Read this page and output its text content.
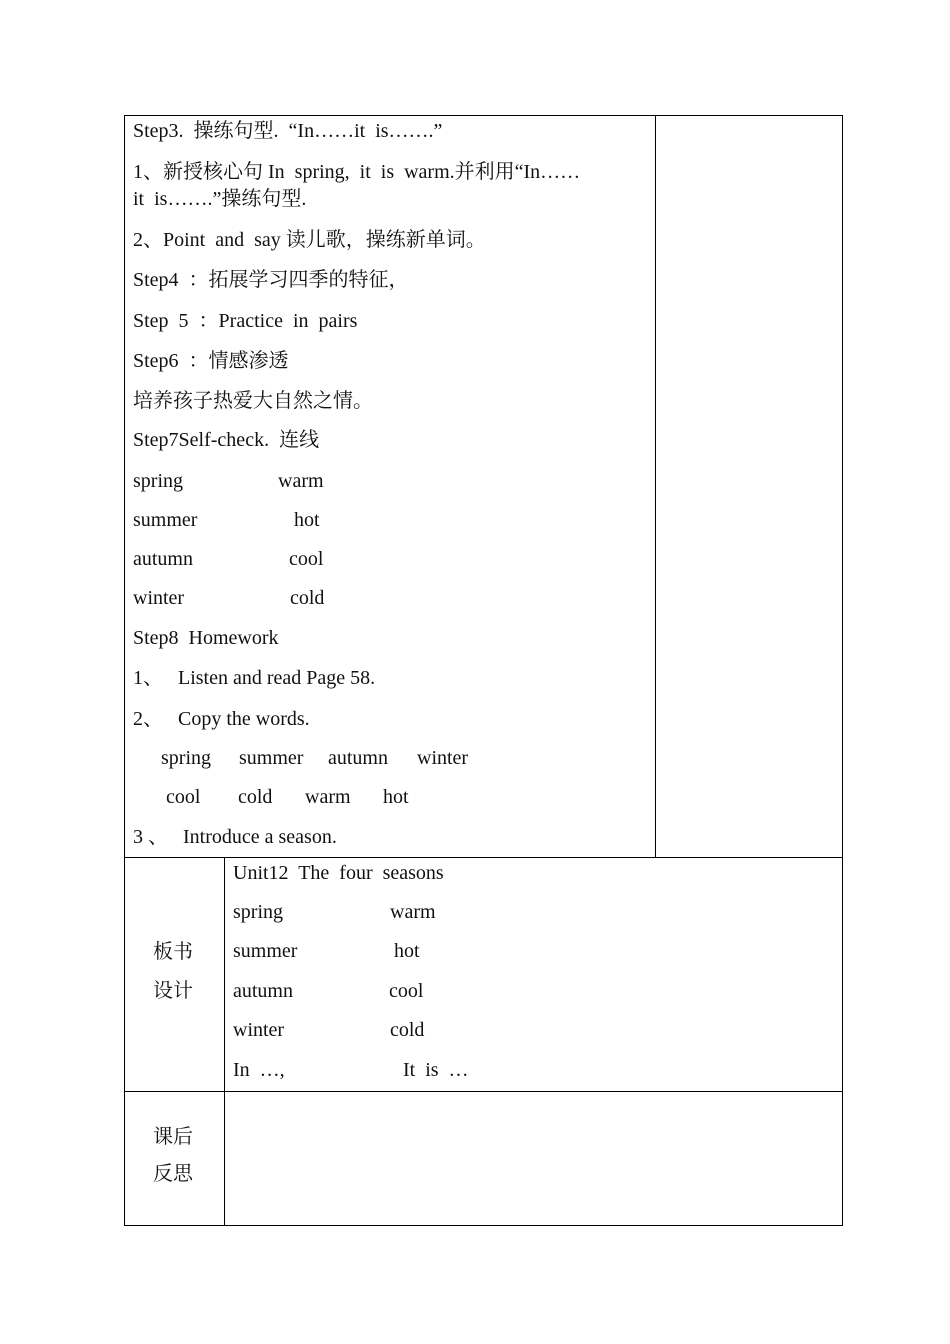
Step3.  操练句型.  “In……it  is…….”
1、新授核心句 In  spring,  it  is  warm.并利用“In……
it  is…….”操练句型.
2、Point  and  say 读儿歌，操练新单词。
Step4  ：拓展学习四季的特征，
Step  5  ：Practice  in  pairs
Step6  ：情感渗透
培养孩子热爱大自然之情。
Step7Self-check.  连线
spring	warm
summer	hot
autumn	cool
winter	cold
Step8  Homework
1、 Listen and read Page 58.
2、 Copy the words.
spring summer autumn winter
cool cold warm hot
3 、 Introduce a season.
板书
设计
Unit12  The  four  seasons
spring	warm
summer	hot
autumn	cool
winter	cold
In  …,	It  is  …
课后
反思
